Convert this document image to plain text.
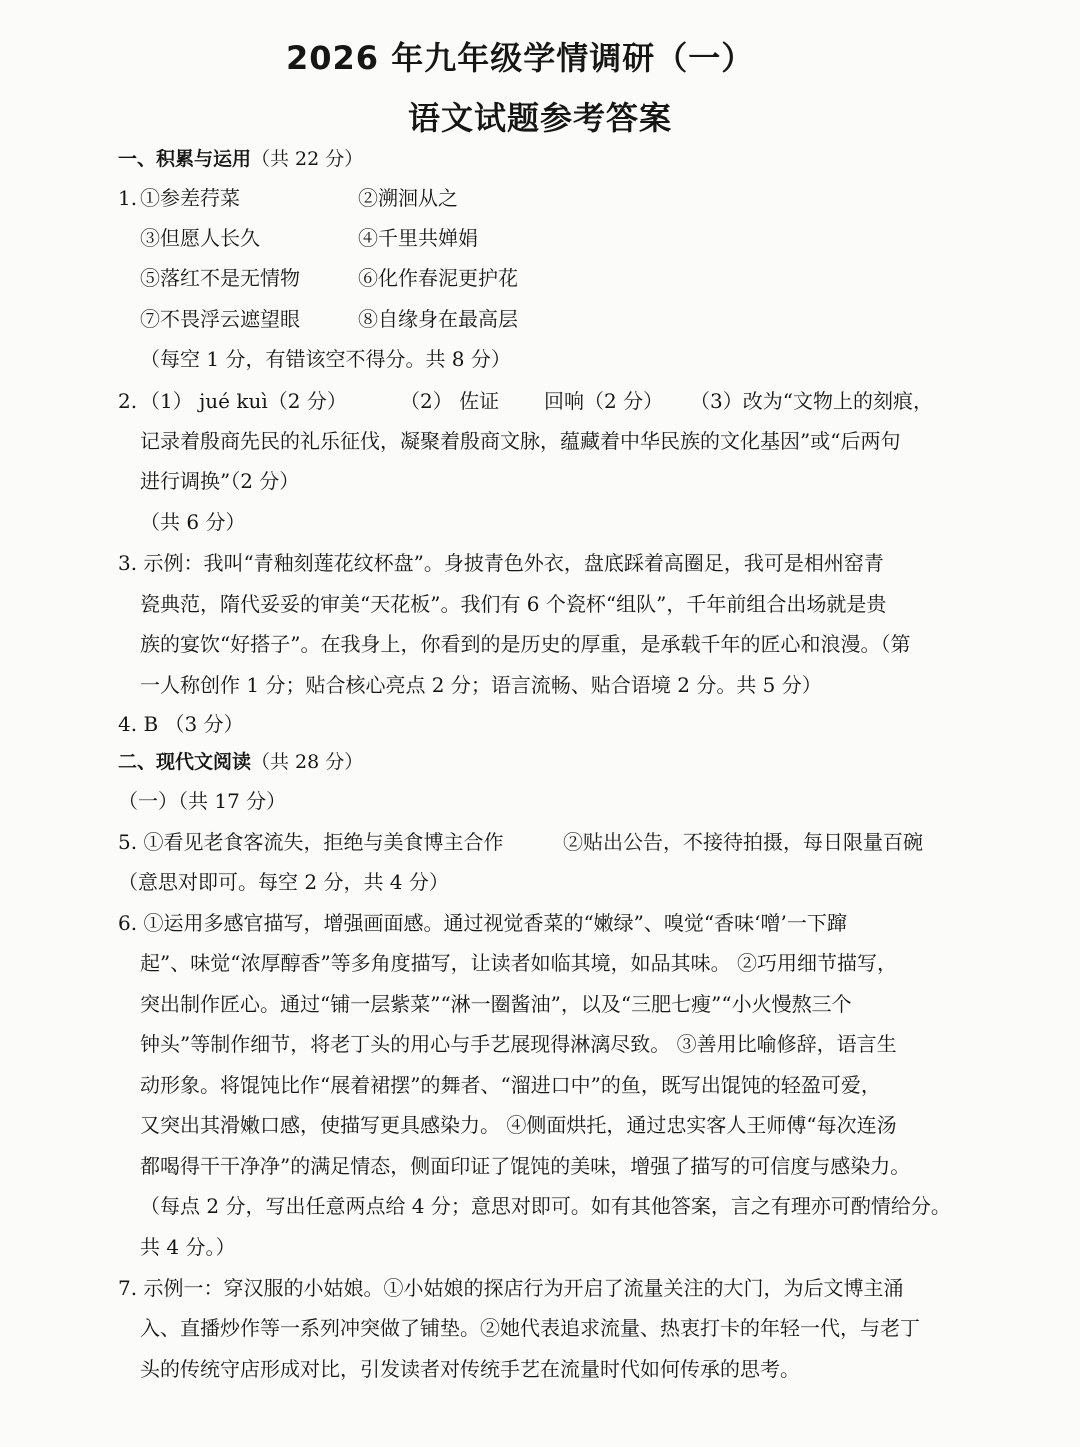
2026 年九年级学情调研（一）
语文试题参考答案
一、积累与运用（共 22 分）
1. ①参差荇菜	②溯洄从之
③但愿人长久	④千里共婵娟
⑤落红不是无情物	⑥化作春泥更护花
⑦不畏浮云遮望眼	⑧自缘身在最高层
（每空 1 分，有错该空不得分。共 8 分）
2. （1） jué kuì（2 分）	（2） 佐证 回响（2 分） （3）改为“文物上的刻痕，
记录着殷商先民的礼乐征伐，凝聚着殷商文脉，蕴藏着中华民族的文化基因”或“后两句
进行调换”（2 分）
（共 6 分）
3. 示例：我叫“青釉刻莲花纹杯盘”。身披青色外衣，盘底踩着高圈足，我可是相州窑青
瓷典范，隋代妥妥的审美“天花板”。我们有 6 个瓷杯“组队”，千年前组合出场就是贵
族的宴饮“好搭子”。在我身上，你看到的是历史的厚重，是承载千年的匠心和浪漫。（第
一人称创作 1 分；贴合核心亮点 2 分；语言流畅、贴合语境 2 分。共 5 分）
4. B （3 分）
二、现代文阅读（共 28 分）
（一）（共 17 分）
5. ①看见老食客流失，拒绝与美食博主合作	②贴出公告，不接待拍摄，每日限量百碗
（意思对即可。每空 2 分，共 4 分）
6. ①运用多感官描写，增强画面感。通过视觉香菜的“嫩绿”、嗅觉“香味‘噌’一下蹿
起”、味觉“浓厚醇香”等多角度描写，让读者如临其境，如品其味。 ②巧用细节描写，
突出制作匠心。通过“铺一层紫菜”“淋一圈酱油”，以及“三肥七瘦”“小火慢熬三个
钟头”等制作细节，将老丁头的用心与手艺展现得淋漓尽致。 ③善用比喻修辞，语言生
动形象。将馄饨比作“展着裙摆”的舞者、“溜进口中”的鱼，既写出馄饨的轻盈可爱，
又突出其滑嫩口感，使描写更具感染力。 ④侧面烘托，通过忠实客人王师傅“每次连汤
都喝得干干净净”的满足情态，侧面印证了馄饨的美味，增强了描写的可信度与感染力。
（每点 2 分，写出任意两点给 4 分；意思对即可。如有其他答案，言之有理亦可酌情给分。
共 4 分。）
7. 示例一：穿汉服的小姑娘。①小姑娘的探店行为开启了流量关注的大门，为后文博主涌
入、直播炒作等一系列冲突做了铺垫。②她代表追求流量、热衷打卡的年轻一代，与老丁
头的传统守店形成对比，引发读者对传统手艺在流量时代如何传承的思考。
